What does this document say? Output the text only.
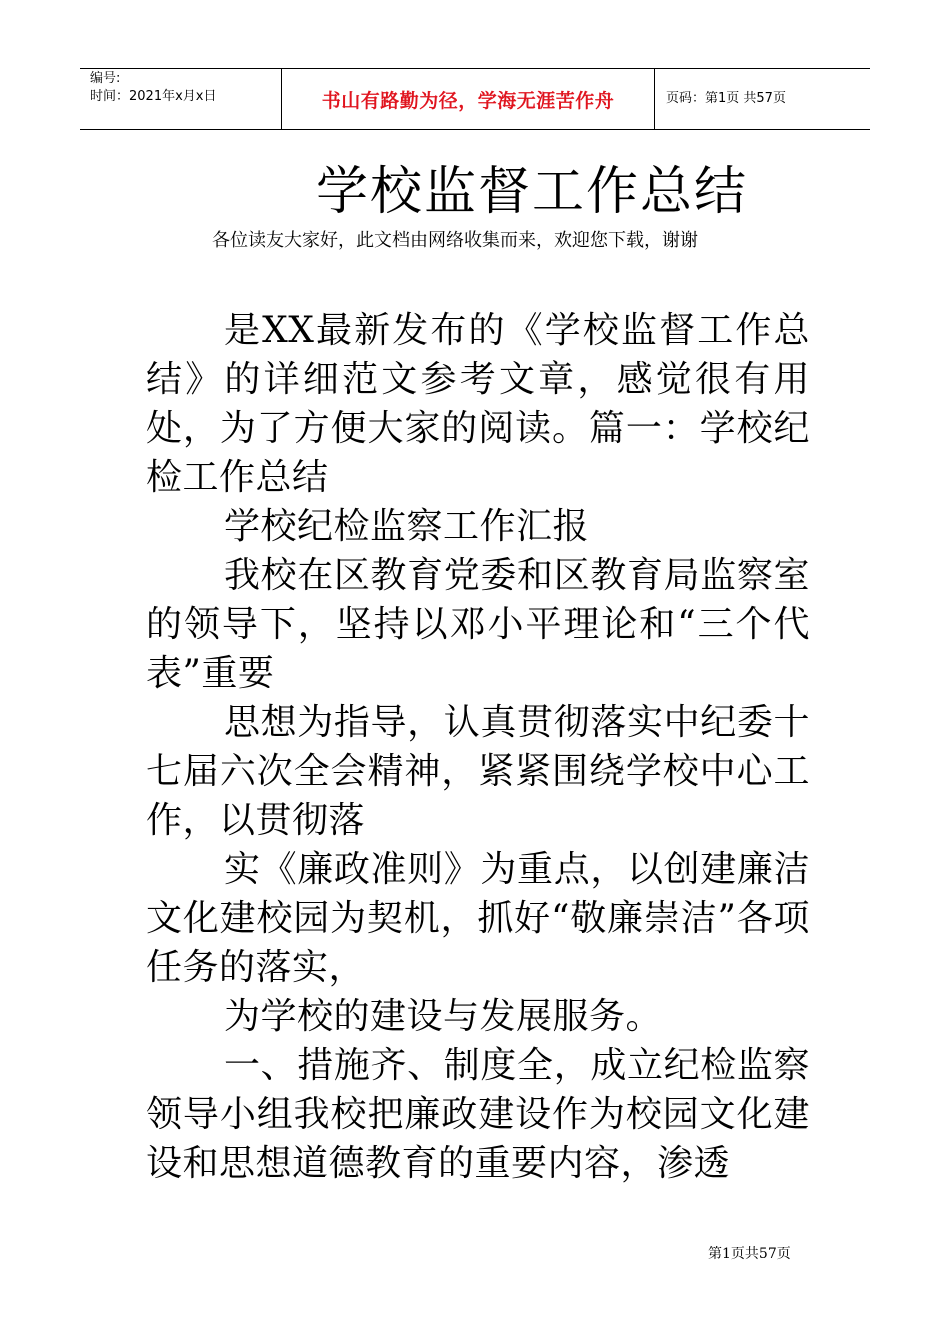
编号:
时间：2021年x月x日	书山有路勤为径，学海无涯苦作舟	页码：第1页 共57页
学校监督工作总结
各位读友大家好，此文档由网络收集而来，欢迎您下载，谢谢

是XX最新发布的《学校监督工作总结》的详细范文参考文章，感觉很有用处，为了方便大家的阅读。篇一：学校纪检工作总结

学校纪检监察工作汇报

我校在区教育党委和区教育局监察室的领导下，坚持以邓小平理论和“三个代表”重要

思想为指导，认真贯彻落实中纪委十七届六次全会精神，紧紧围绕学校中心工作，以贯彻落

实《廉政准则》为重点，以创建廉洁文化建校园为契机，抓好“敬廉崇洁”各项任务的落实，

为学校的建设与发展服务。

一、措施齐、制度全，成立纪检监察领导小组我校把廉政建设作为校园文化建设和思想道德教育的重要内容，渗透

第1页共57页
